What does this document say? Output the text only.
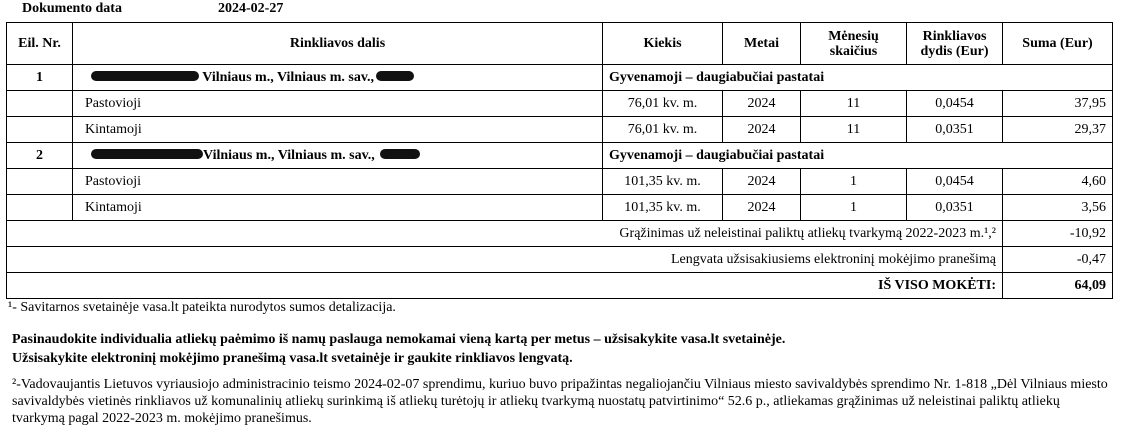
Dokumento data	2024-02-27
Eil. Nr.	Rinkliavos dalis	Kiekis	Metai	Mėnesių skaičius	Rinkliavos dydis (Eur)	Suma (Eur)
1	Vilniaus m., Vilniaus m. sav.,	Gyvenamoji – daugiabučiai pastatai				
	Pastovioji	76,01 kv. m.	2024	11	0,0454	37,95
	Kintamoji	76,01 kv. m.	2024	11	0,0351	29,37
2	Vilniaus m., Vilniaus m. sav.,	Gyvenamoji – daugiabučiai pastatai				
	Pastovioji	101,35 kv. m.	2024	1	0,0454	4,60
	Kintamoji	101,35 kv. m.	2024	1	0,0351	3,56
Grąžinimas už neleistinai paliktų atliekų tvarkymą 2022-2023 m.¹,²						-10,92
Lengvata užsisakiusiems elektroninį mokėjimo pranešimą						-0,47
IŠ VISO MOKĖTI:						64,09
¹- Savitarnos svetainėje vasa.lt pateikta nurodytos sumos detalizacija.
Pasinaudokite individualia atliekų paėmimo iš namų paslauga nemokamai vieną kartą per metus – užsisakykite vasa.lt svetainėje.
Užsisakykite elektroninį mokėjimo pranešimą vasa.lt svetainėje ir gaukite rinkliavos lengvatą.
²-Vadovaujantis Lietuvos vyriausiojo administracinio teismo 2024-02-07 sprendimu, kuriuo buvo pripažintas negaliojančiu Vilniaus miesto savivaldybės sprendimo Nr. 1-818 „Dėl Vilniaus miesto savivaldybės vietinės rinkliavos už komunalinių atliekų surinkimą iš atliekų turėtojų ir atliekų tvarkymą nuostatų patvirtinimo“ 52.6 p., atliekamas grąžinimas už neleistinai paliktų atliekų tvarkymą pagal 2022-2023 m. mokėjimo pranešimus.
